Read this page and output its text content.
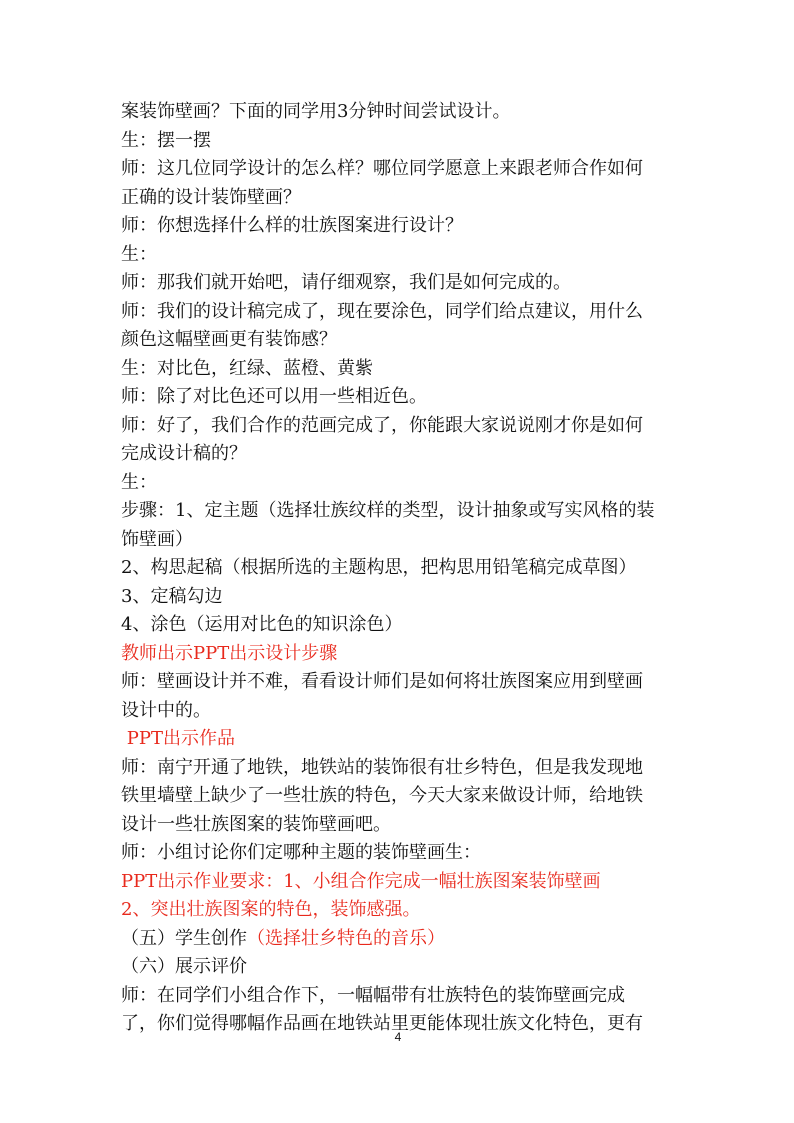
案装饰壁画？下面的同学用3分钟时间尝试设计。
生：摆一摆
师：这几位同学设计的怎么样？哪位同学愿意上来跟老师合作如何
正确的设计装饰壁画？
师：你想选择什么样的壮族图案进行设计？
生：
师：那我们就开始吧，请仔细观察，我们是如何完成的。
师：我们的设计稿完成了，现在要涂色，同学们给点建议，用什么
颜色这幅壁画更有装饰感？
生：对比色，红绿、蓝橙、黄紫
师：除了对比色还可以用一些相近色。
师：好了，我们合作的范画完成了，你能跟大家说说刚才你是如何
完成设计稿的？
生：
步骤：1、定主题（选择壮族纹样的类型，设计抽象或写实风格的装
饰壁画）
2、构思起稿（根据所选的主题构思，把构思用铅笔稿完成草图）
3、定稿勾边
4、涂色（运用对比色的知识涂色）
教师出示PPT出示设计步骤
师：壁画设计并不难，看看设计师们是如何将壮族图案应用到壁画
设计中的。
PPT出示作品
师：南宁开通了地铁，地铁站的装饰很有壮乡特色，但是我发现地
铁里墙壁上缺少了一些壮族的特色，今天大家来做设计师，给地铁
设计一些壮族图案的装饰壁画吧。
师：小组讨论你们定哪种主题的装饰壁画生：
PPT出示作业要求：1、小组合作完成一幅壮族图案装饰壁画
2、突出壮族图案的特色，装饰感强。
（五）学生创作（选择壮乡特色的音乐）
（六）展示评价
师：在同学们小组合作下，一幅幅带有壮族特色的装饰壁画完成
了，你们觉得哪幅作品画在地铁站里更能体现壮族文化特色，更有
4
